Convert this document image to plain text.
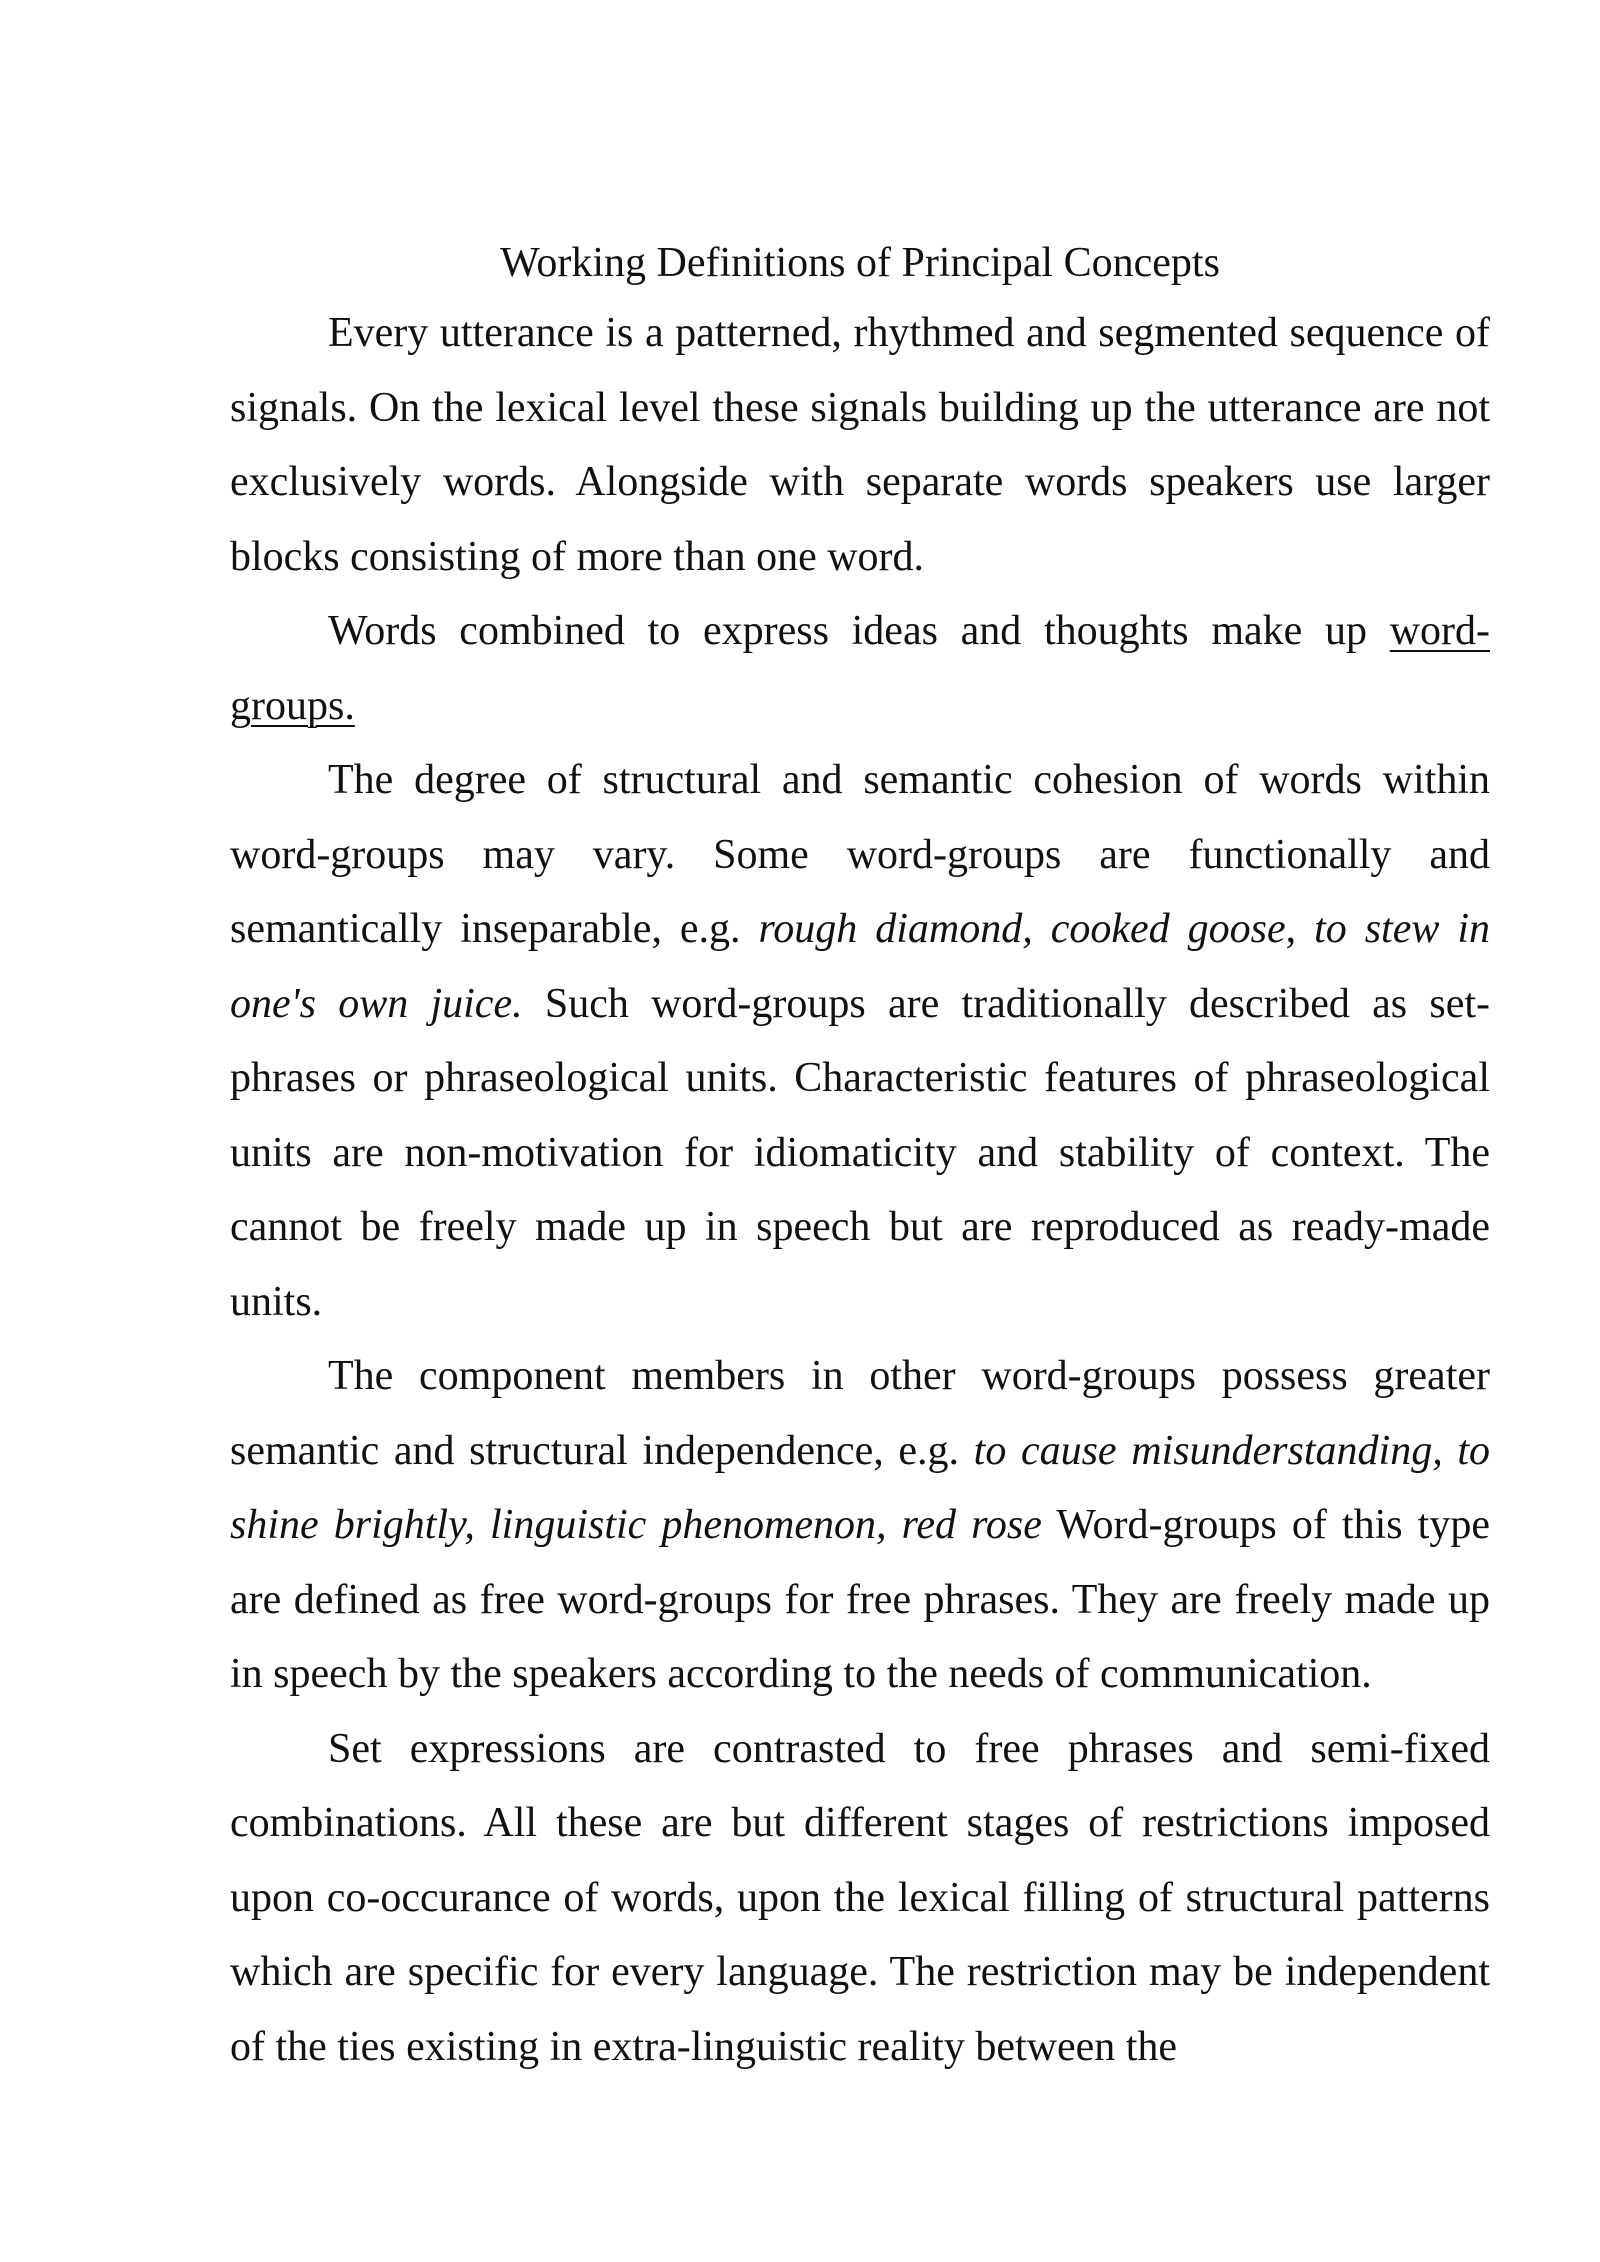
Working Definitions of Principal Concepts

Every utterance is a patterned, rhythmed and segmented sequence of signals. On the lexical level these signals building up the utterance are not exclusively words. Alongside with separate words speakers use larger blocks consisting of more than one word.

Words combined to express ideas and thoughts make up word-groups.

The degree of structural and semantic cohesion of words within word-groups may vary. Some word-groups are functionally and semantically inseparable, e.g. rough diamond, cooked goose, to stew in one's own juice. Such word-groups are traditionally described as set-phrases or phraseological units. Characteristic features of phraseological units are non-motivation for idiomaticity and stability of context. The cannot be freely made up in speech but are reproduced as ready-made units.

The component members in other word-groups possess greater semantic and structural independence, e.g. to cause misunderstanding, to shine brightly, linguistic phenomenon, red rose Word-groups of this type are defined as free word-groups for free phrases. They are freely made up in speech by the speakers according to the needs of communication.

Set expressions are contrasted to free phrases and semi-fixed combinations. All these are but different stages of restrictions imposed upon co-occurance of words, upon the lexical filling of structural patterns which are specific for every language. The restriction may be independent of the ties existing in extra-linguistic reality between the
